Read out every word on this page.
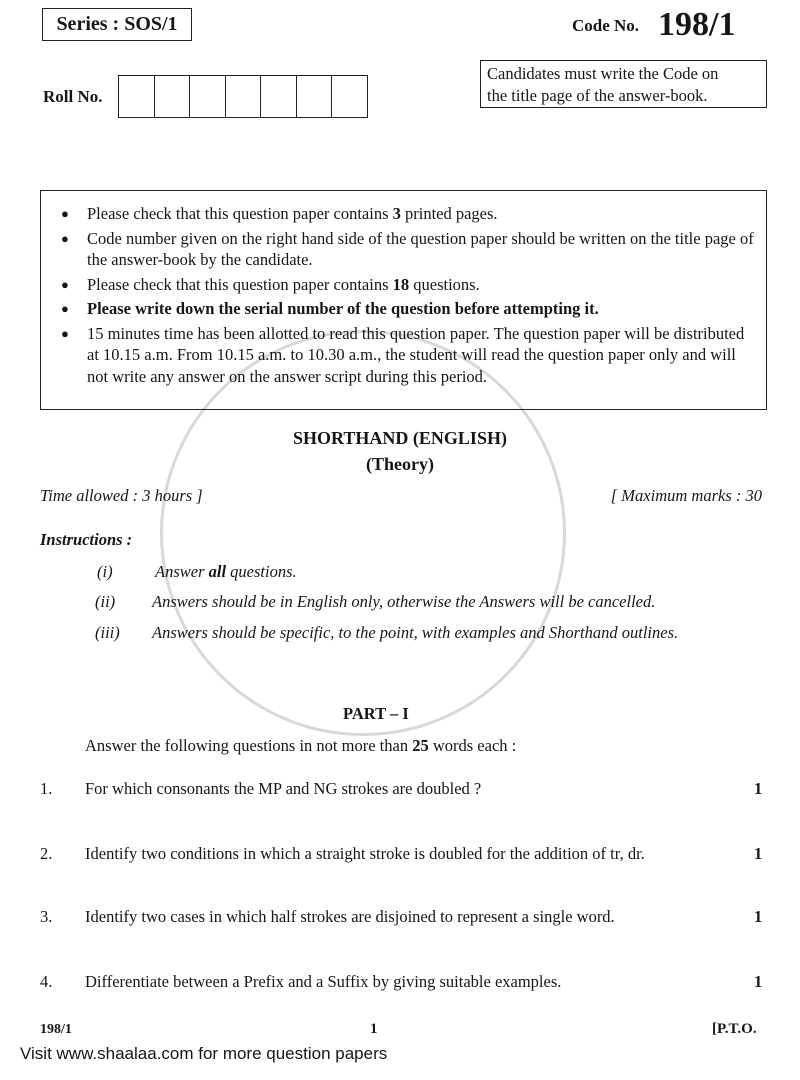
Series : SOS/1	Code No. 198/1
Roll No.
Candidates must write the Code on
the title page of the answer-book.
● Please check that this question paper contains 3 printed pages.
● Code number given on the right hand side of the question paper should be written on the title page of the answer-book by the candidate.
● Please check that this question paper contains 18 questions.
● Please write down the serial number of the question before attempting it.
● 15 minutes time has been allotted to read this question paper. The question paper will be distributed at 10.15 a.m. From 10.15 a.m. to 10.30 a.m., the student will read the question paper only and will not write any answer on the answer script during this period.
SHORTHAND (ENGLISH)
(Theory)
Time allowed : 3 hours ]	[ Maximum marks : 30
Instructions :
(i)	Answer all questions.
(ii) Answers should be in English only, otherwise the Answers will be cancelled.
(iii) Answers should be specific, to the point, with examples and Shorthand outlines.
PART – I
Answer the following questions in not more than 25 words each :
1. For which consonants the MP and NG strokes are doubled ?	1
2. Identify two conditions in which a straight stroke is doubled for the addition of tr, dr.	1
3. Identify two cases in which half strokes are disjoined to represent a single word.	1
4. Differentiate between a Prefix and a Suffix by giving suitable examples.	1
198/1	1	[P.T.O.
Visit www.shaalaa.com for more question papers
